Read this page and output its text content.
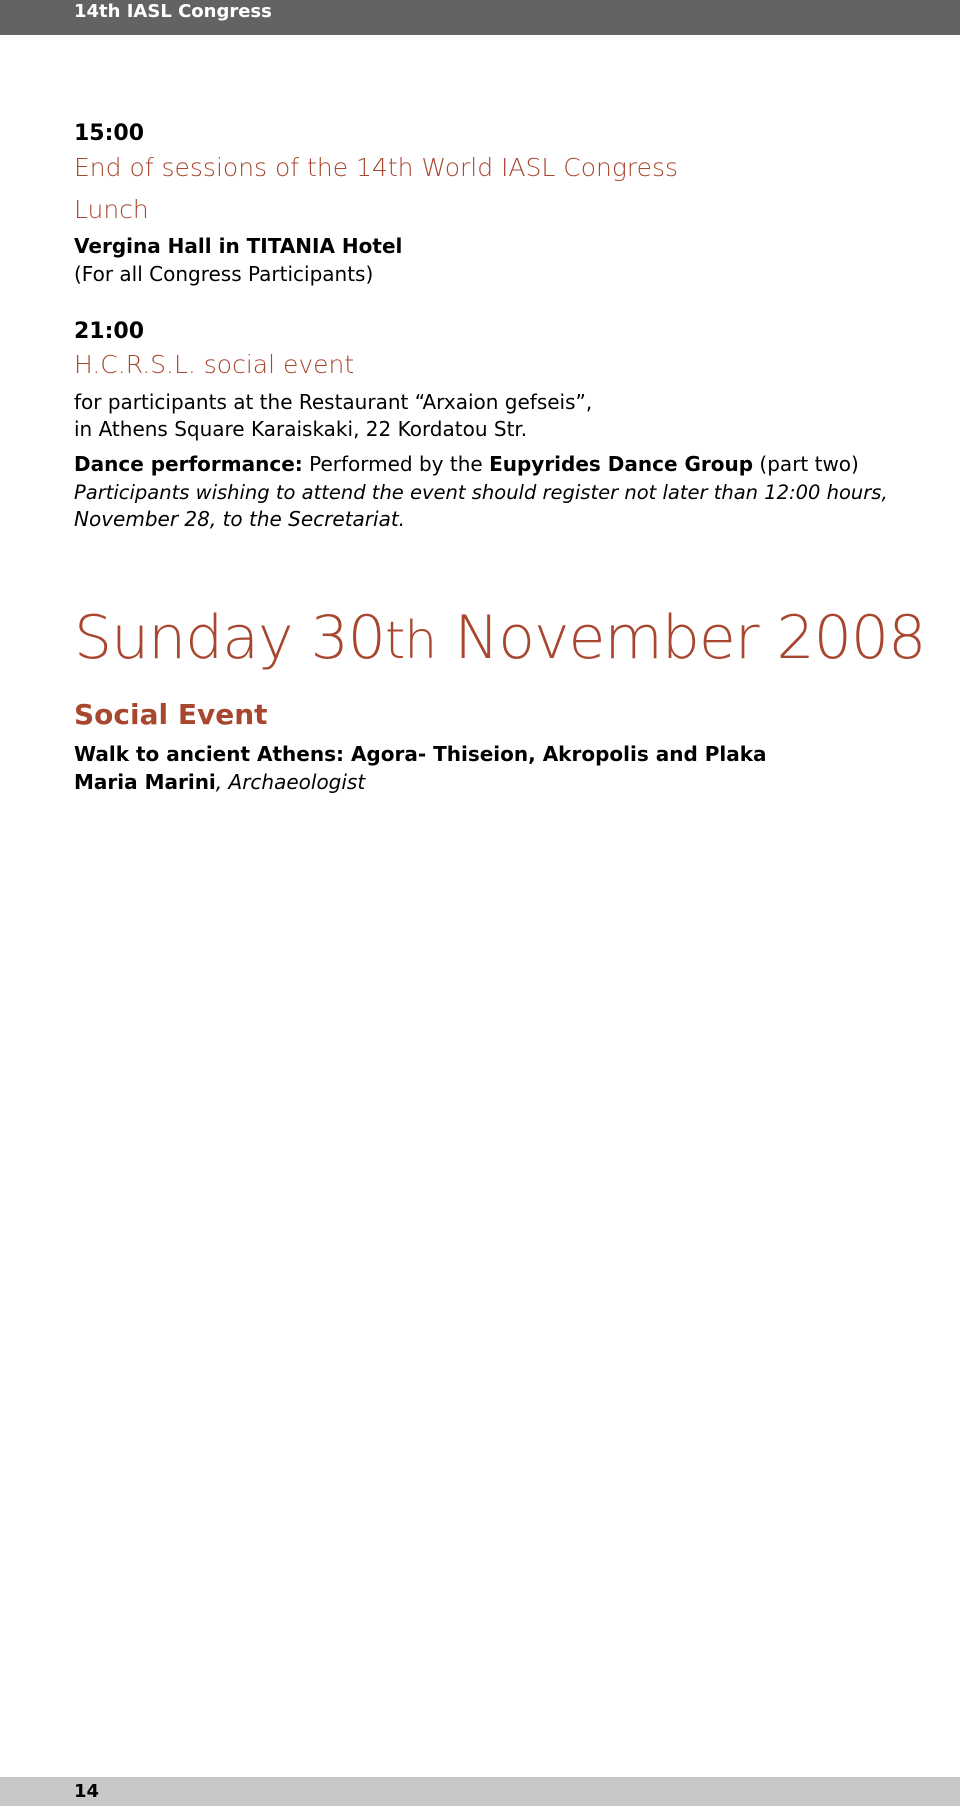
14th IASL Congress
15:00
End of sessions of the 14th World IASL Congress
Lunch
Vergina Hall in TITANIA Hotel
(For all Congress Participants)
21:00
H.C.R.S.L. social event
for participants at the Restaurant “Arxaion gefseis”,
in Athens Square Karaiskaki, 22 Kordatou Str.
Dance performance: Performed by the Eupyrides Dance Group (part two)
Participants wishing to attend the event should register not later than 12:00 hours,
November 28, to the Secretariat.
Sunday 30th November 2008
Social Event
Walk to ancient Athens: Agora- Thiseion, Akropolis and Plaka
Maria Marini, Archaeologist
14
